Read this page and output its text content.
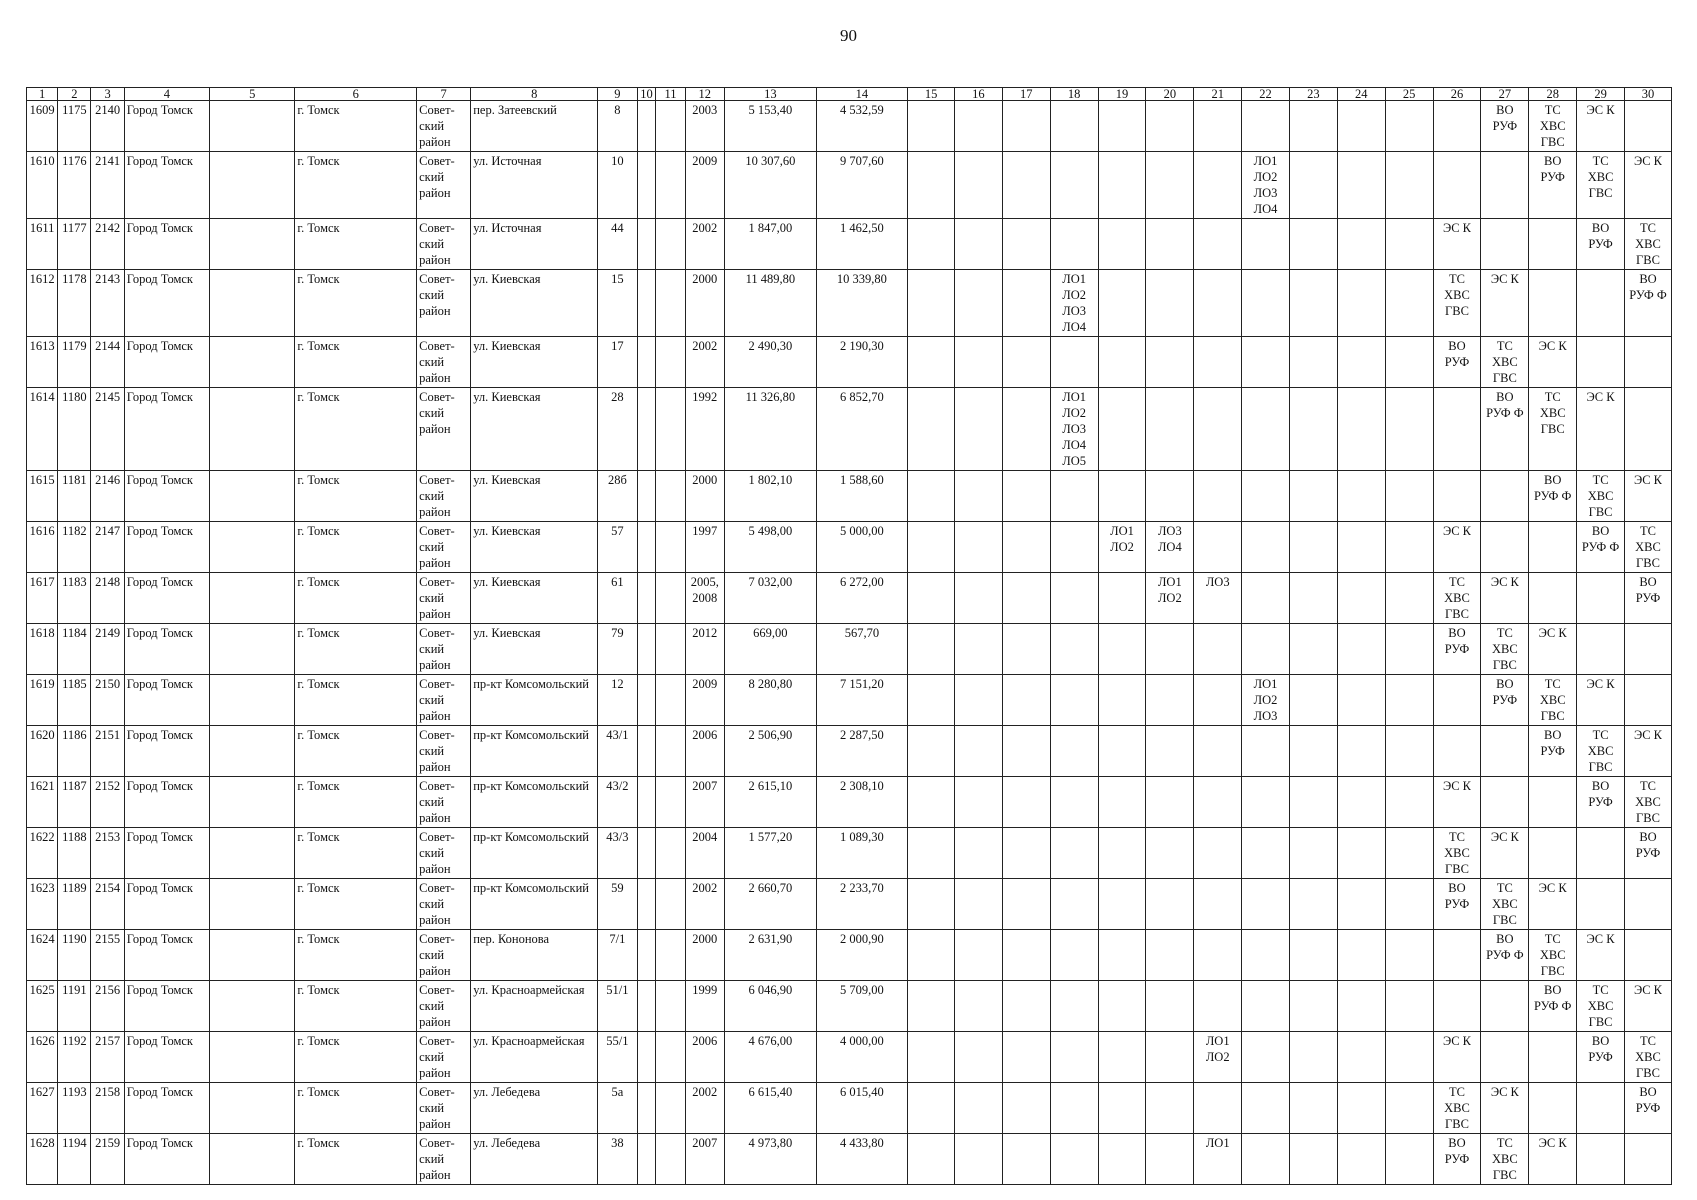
90
1	2	3	4	5	6	7	8	9	10	11	12	13	14	15	16	17	18	19	20	21	22	23	24	25	26	27	28	29	30
1609	1175	2140	Город Томск		г. Томск	Совет-
ский
район	пер. Затеевский	8			2003	5 153,40	4 532,59													ВО
РУФ	ТС
ХВС
ГВС	ЭС К	
1610	1176	2141	Город Томск		г. Томск	Совет-
ский
район	ул. Источная	10			2009	10 307,60	9 707,60								ЛО1
ЛО2
ЛО3
ЛО4						ВО
РУФ	ТС
ХВС
ГВС	ЭС К
1611	1177	2142	Город Томск		г. Томск	Совет-
ский
район	ул. Источная	44			2002	1 847,00	1 462,50												ЭС К			ВО
РУФ	ТС
ХВС
ГВС

1612	1178	2143	Город Томск		г. Томск	Совет-
ский
район	ул. Киевская	15			2000	11 489,80	10 339,80				ЛО1
ЛО2
ЛО3
ЛО4								ТС
ХВС
ГВС	ЭС К			ВО
РУФ Ф

1613	1179	2144	Город Томск		г. Томск	Совет-
ский
район	ул. Киевская	17			2002	2 490,30	2 190,30												ВО
РУФ	ТС
ХВС
ГВС	ЭС К		
1614	1180	2145	Город Томск		г. Томск	Совет-
ский
район	ул. Киевская	28			1992	11 326,80	6 852,70				ЛО1
ЛО2
ЛО3
ЛО4
ЛО5									ВО
РУФ Ф	ТС
ХВС
ГВС	ЭС К	
1615	1181	2146	Город Томск		г. Томск	Совет-
ский
район	ул. Киевская	28б			2000	1 802,10	1 588,60														ВО
РУФ Ф	ТС
ХВС
ГВС	ЭС К
1616	1182	2147	Город Томск		г. Томск	Совет-
ский
район	ул. Киевская	57			1997	5 498,00	5 000,00					ЛО1
ЛО2	ЛО3
ЛО4						ЭС К			ВО
РУФ Ф	ТС
ХВС
ГВС

1617	1183	2148	Город Томск		г. Томск	Совет-
ский
район	ул. Киевская	61			2005,
2008	7 032,00	6 272,00						ЛО1
ЛО2	ЛО3					ТС
ХВС
ГВС	ЭС К			ВО
РУФ

1618	1184	2149	Город Томск		г. Томск	Совет-
ский
район	ул. Киевская	79			2012	669,00	567,70												ВО
РУФ	ТС
ХВС
ГВС	ЭС К		
1619	1185	2150	Город Томск		г. Томск	Совет-
ский
район	пр-кт Комсомольский	12			2009	8 280,80	7 151,20								ЛО1
ЛО2
ЛО3					ВО
РУФ	ТС
ХВС
ГВС	ЭС К	
1620	1186	2151	Город Томск		г. Томск	Совет-
ский
район	пр-кт Комсомольский	43/1			2006	2 506,90	2 287,50														ВО
РУФ	ТС
ХВС
ГВС	ЭС К
1621	1187	2152	Город Томск		г. Томск	Совет-
ский
район	пр-кт Комсомольский	43/2			2007	2 615,10	2 308,10												ЭС К			ВО
РУФ	ТС
ХВС
ГВС

1622	1188	2153	Город Томск		г. Томск	Совет-
ский
район	пр-кт Комсомольский	43/3			2004	1 577,20	1 089,30												ТС
ХВС
ГВС	ЭС К			ВО
РУФ

1623	1189	2154	Город Томск		г. Томск	Совет-
ский
район	пр-кт Комсомольский	59			2002	2 660,70	2 233,70												ВО
РУФ	ТС
ХВС
ГВС	ЭС К		
1624	1190	2155	Город Томск		г. Томск	Совет-
ский
район	пер. Кононова	7/1			2000	2 631,90	2 000,90													ВО
РУФ Ф	ТС
ХВС
ГВС	ЭС К	
1625	1191	2156	Город Томск		г. Томск	Совет-
ский
район	ул. Красноармейская	51/1			1999	6 046,90	5 709,00														ВО
РУФ Ф	ТС
ХВС
ГВС	ЭС К
1626	1192	2157	Город Томск		г. Томск	Совет-
ский
район	ул. Красноармейская	55/1			2006	4 676,00	4 000,00							ЛО1
ЛО2					ЭС К			ВО
РУФ	ТС
ХВС
ГВС

1627	1193	2158	Город Томск		г. Томск	Совет-
ский
район	ул. Лебедева	5а			2002	6 615,40	6 015,40												ТС
ХВС
ГВС	ЭС К			ВО
РУФ

1628	1194	2159	Город Томск		г. Томск	Совет-
ский
район	ул. Лебедева	38			2007	4 973,80	4 433,80							ЛО1					ВО
РУФ	ТС
ХВС
ГВС	ЭС К		
